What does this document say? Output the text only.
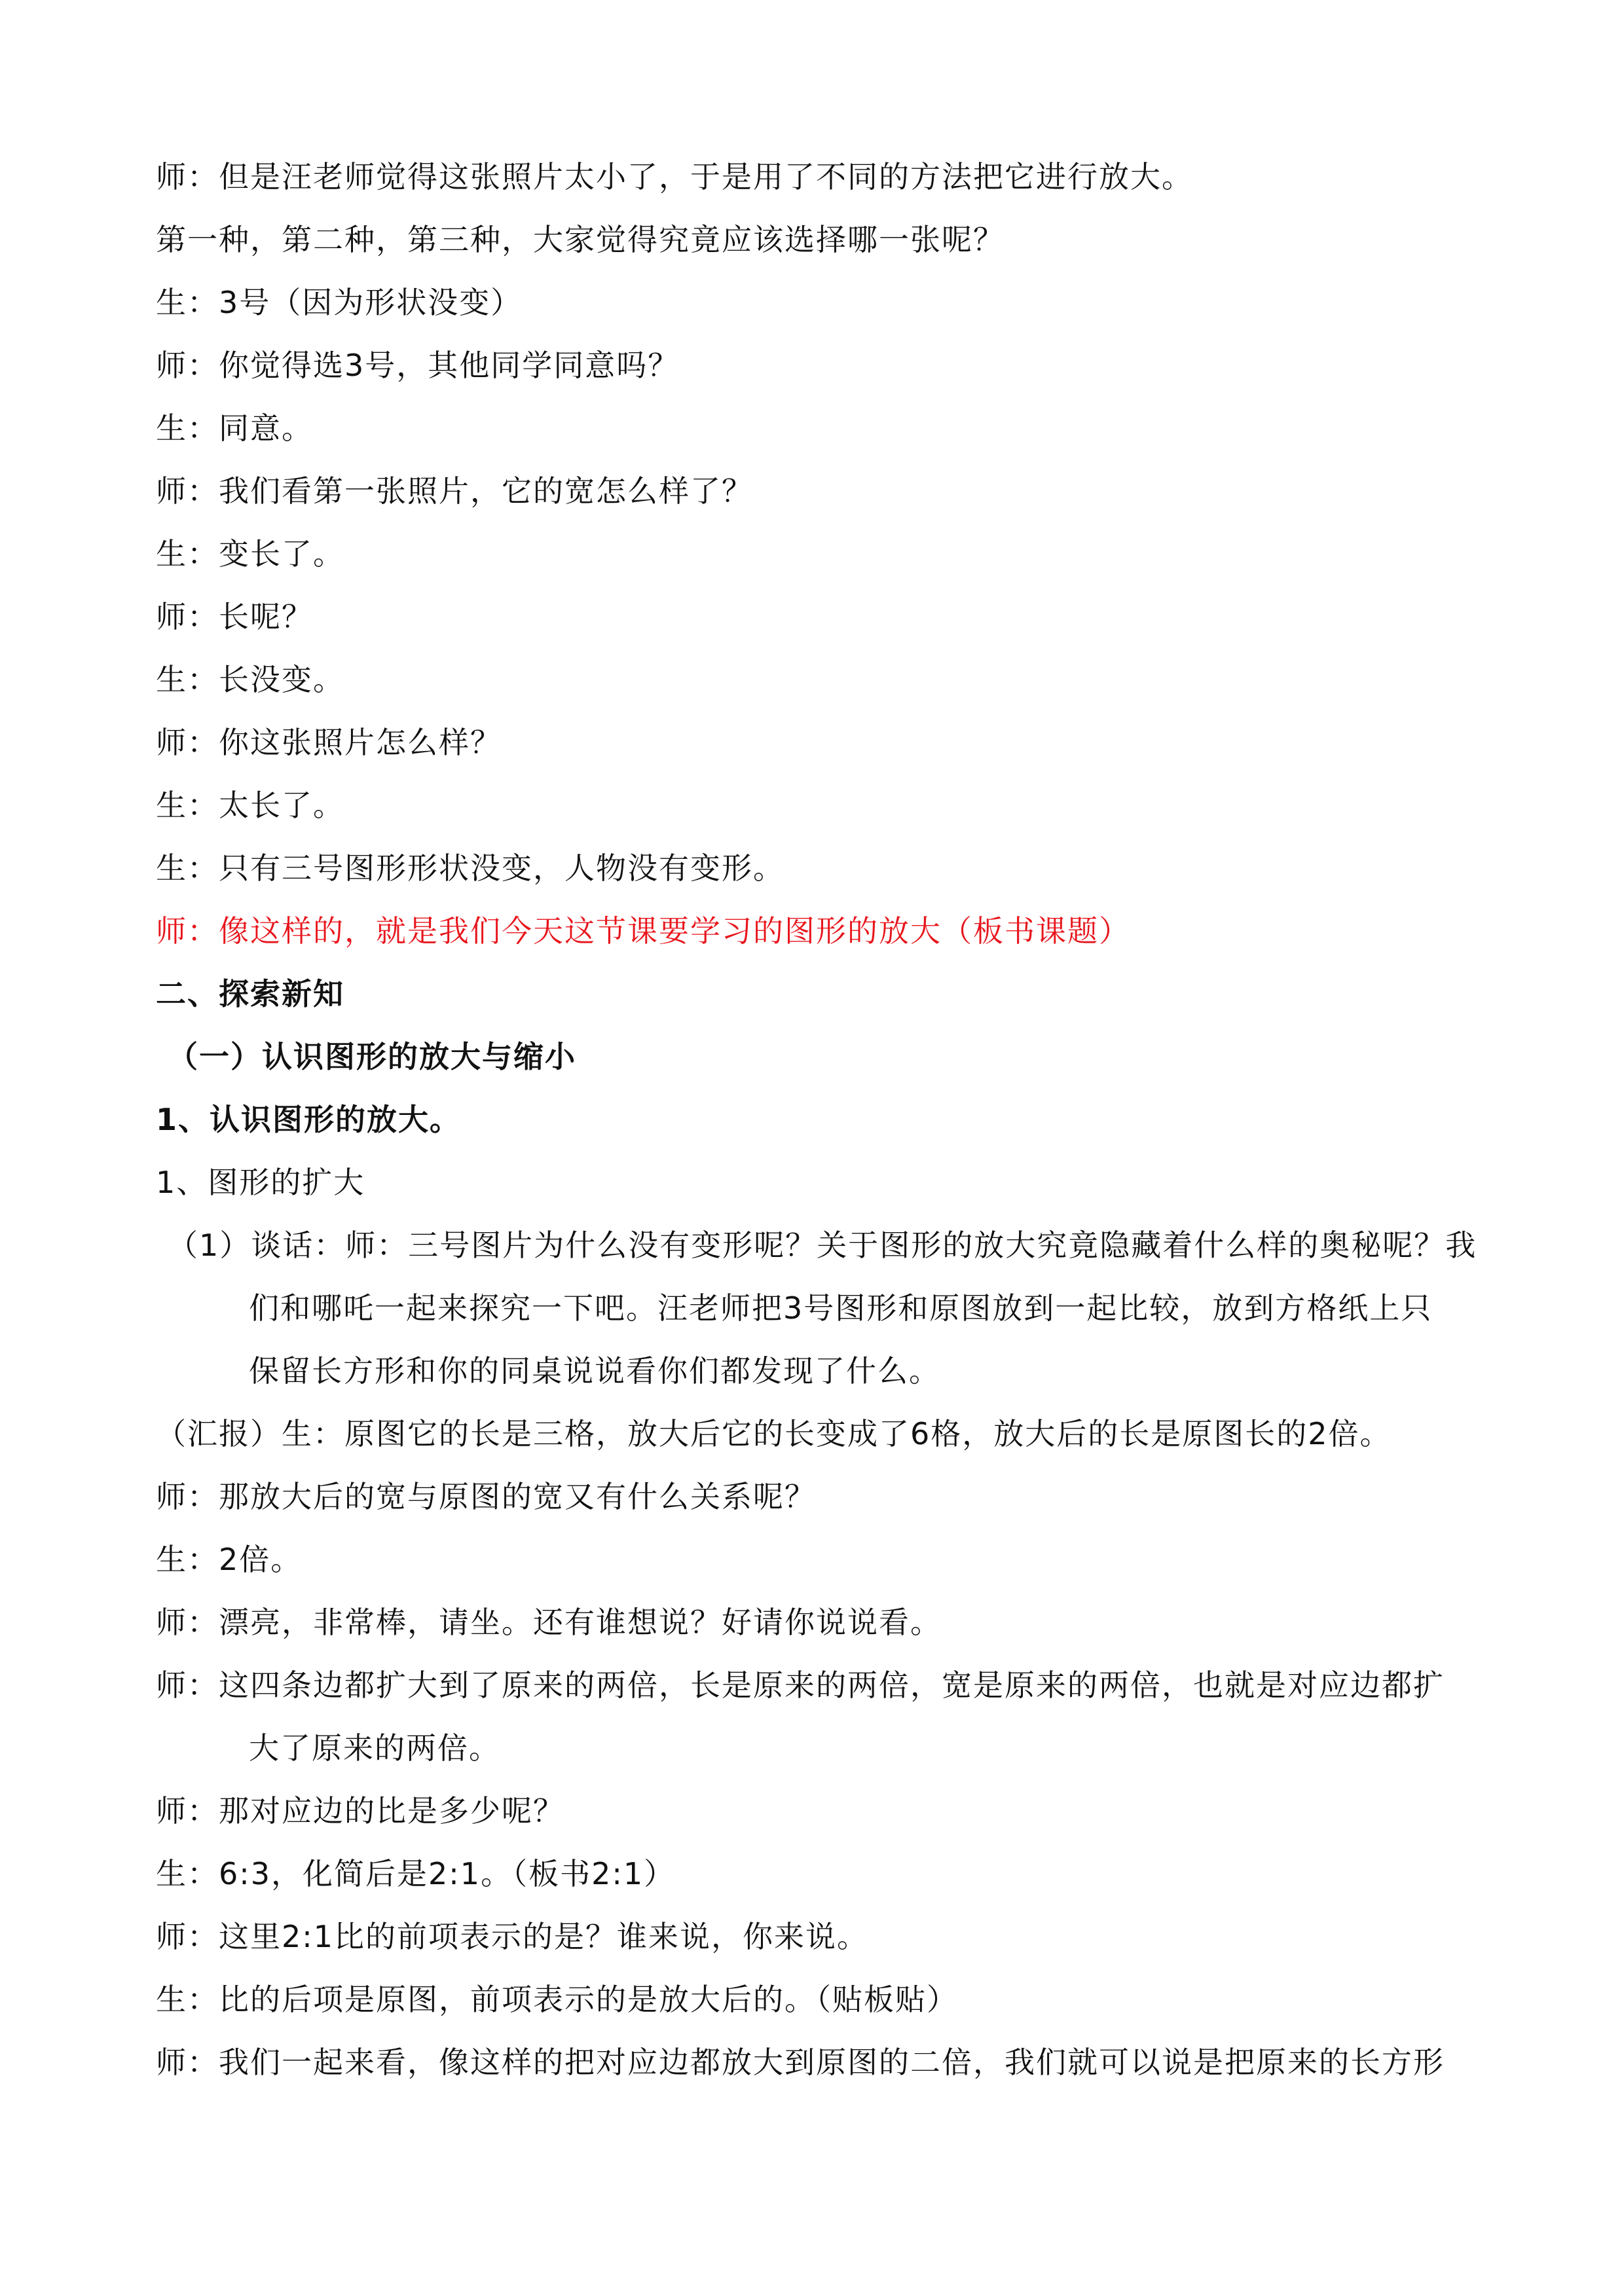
师：但是汪老师觉得这张照片太小了，于是用了不同的方法把它进行放大。
第一种，第二种，第三种，大家觉得究竟应该选择哪一张呢？
生：3号（因为形状没变）
师：你觉得选3号，其他同学同意吗？
生：同意。
师：我们看第一张照片，它的宽怎么样了？
生：变长了。
师：长呢？
生：长没变。
师：你这张照片怎么样？
生：太长了。
生：只有三号图形形状没变，人物没有变形。
师：像这样的，就是我们今天这节课要学习的图形的放大（板书课题）
二、探索新知
（一）认识图形的放大与缩小
1、认识图形的放大。
1、图形的扩大
（1）谈话：师：三号图片为什么没有变形呢？关于图形的放大究竟隐藏着什么样的奥秘呢？我
们和哪吒一起来探究一下吧。汪老师把3号图形和原图放到一起比较，放到方格纸上只
保留长方形和你的同桌说说看你们都发现了什么。
（汇报）生：原图它的长是三格，放大后它的长变成了6格，放大后的长是原图长的2倍。
师：那放大后的宽与原图的宽又有什么关系呢？
生：2倍。
师：漂亮，非常棒，请坐。还有谁想说？好请你说说看。
师：这四条边都扩大到了原来的两倍，长是原来的两倍，宽是原来的两倍，也就是对应边都扩
大了原来的两倍。
师：那对应边的比是多少呢？
生：6:3，化简后是2:1。（板书2:1）
师：这里2:1比的前项表示的是？谁来说，你来说。
生：比的后项是原图，前项表示的是放大后的。（贴板贴）
师：我们一起来看，像这样的把对应边都放大到原图的二倍，我们就可以说是把原来的长方形
